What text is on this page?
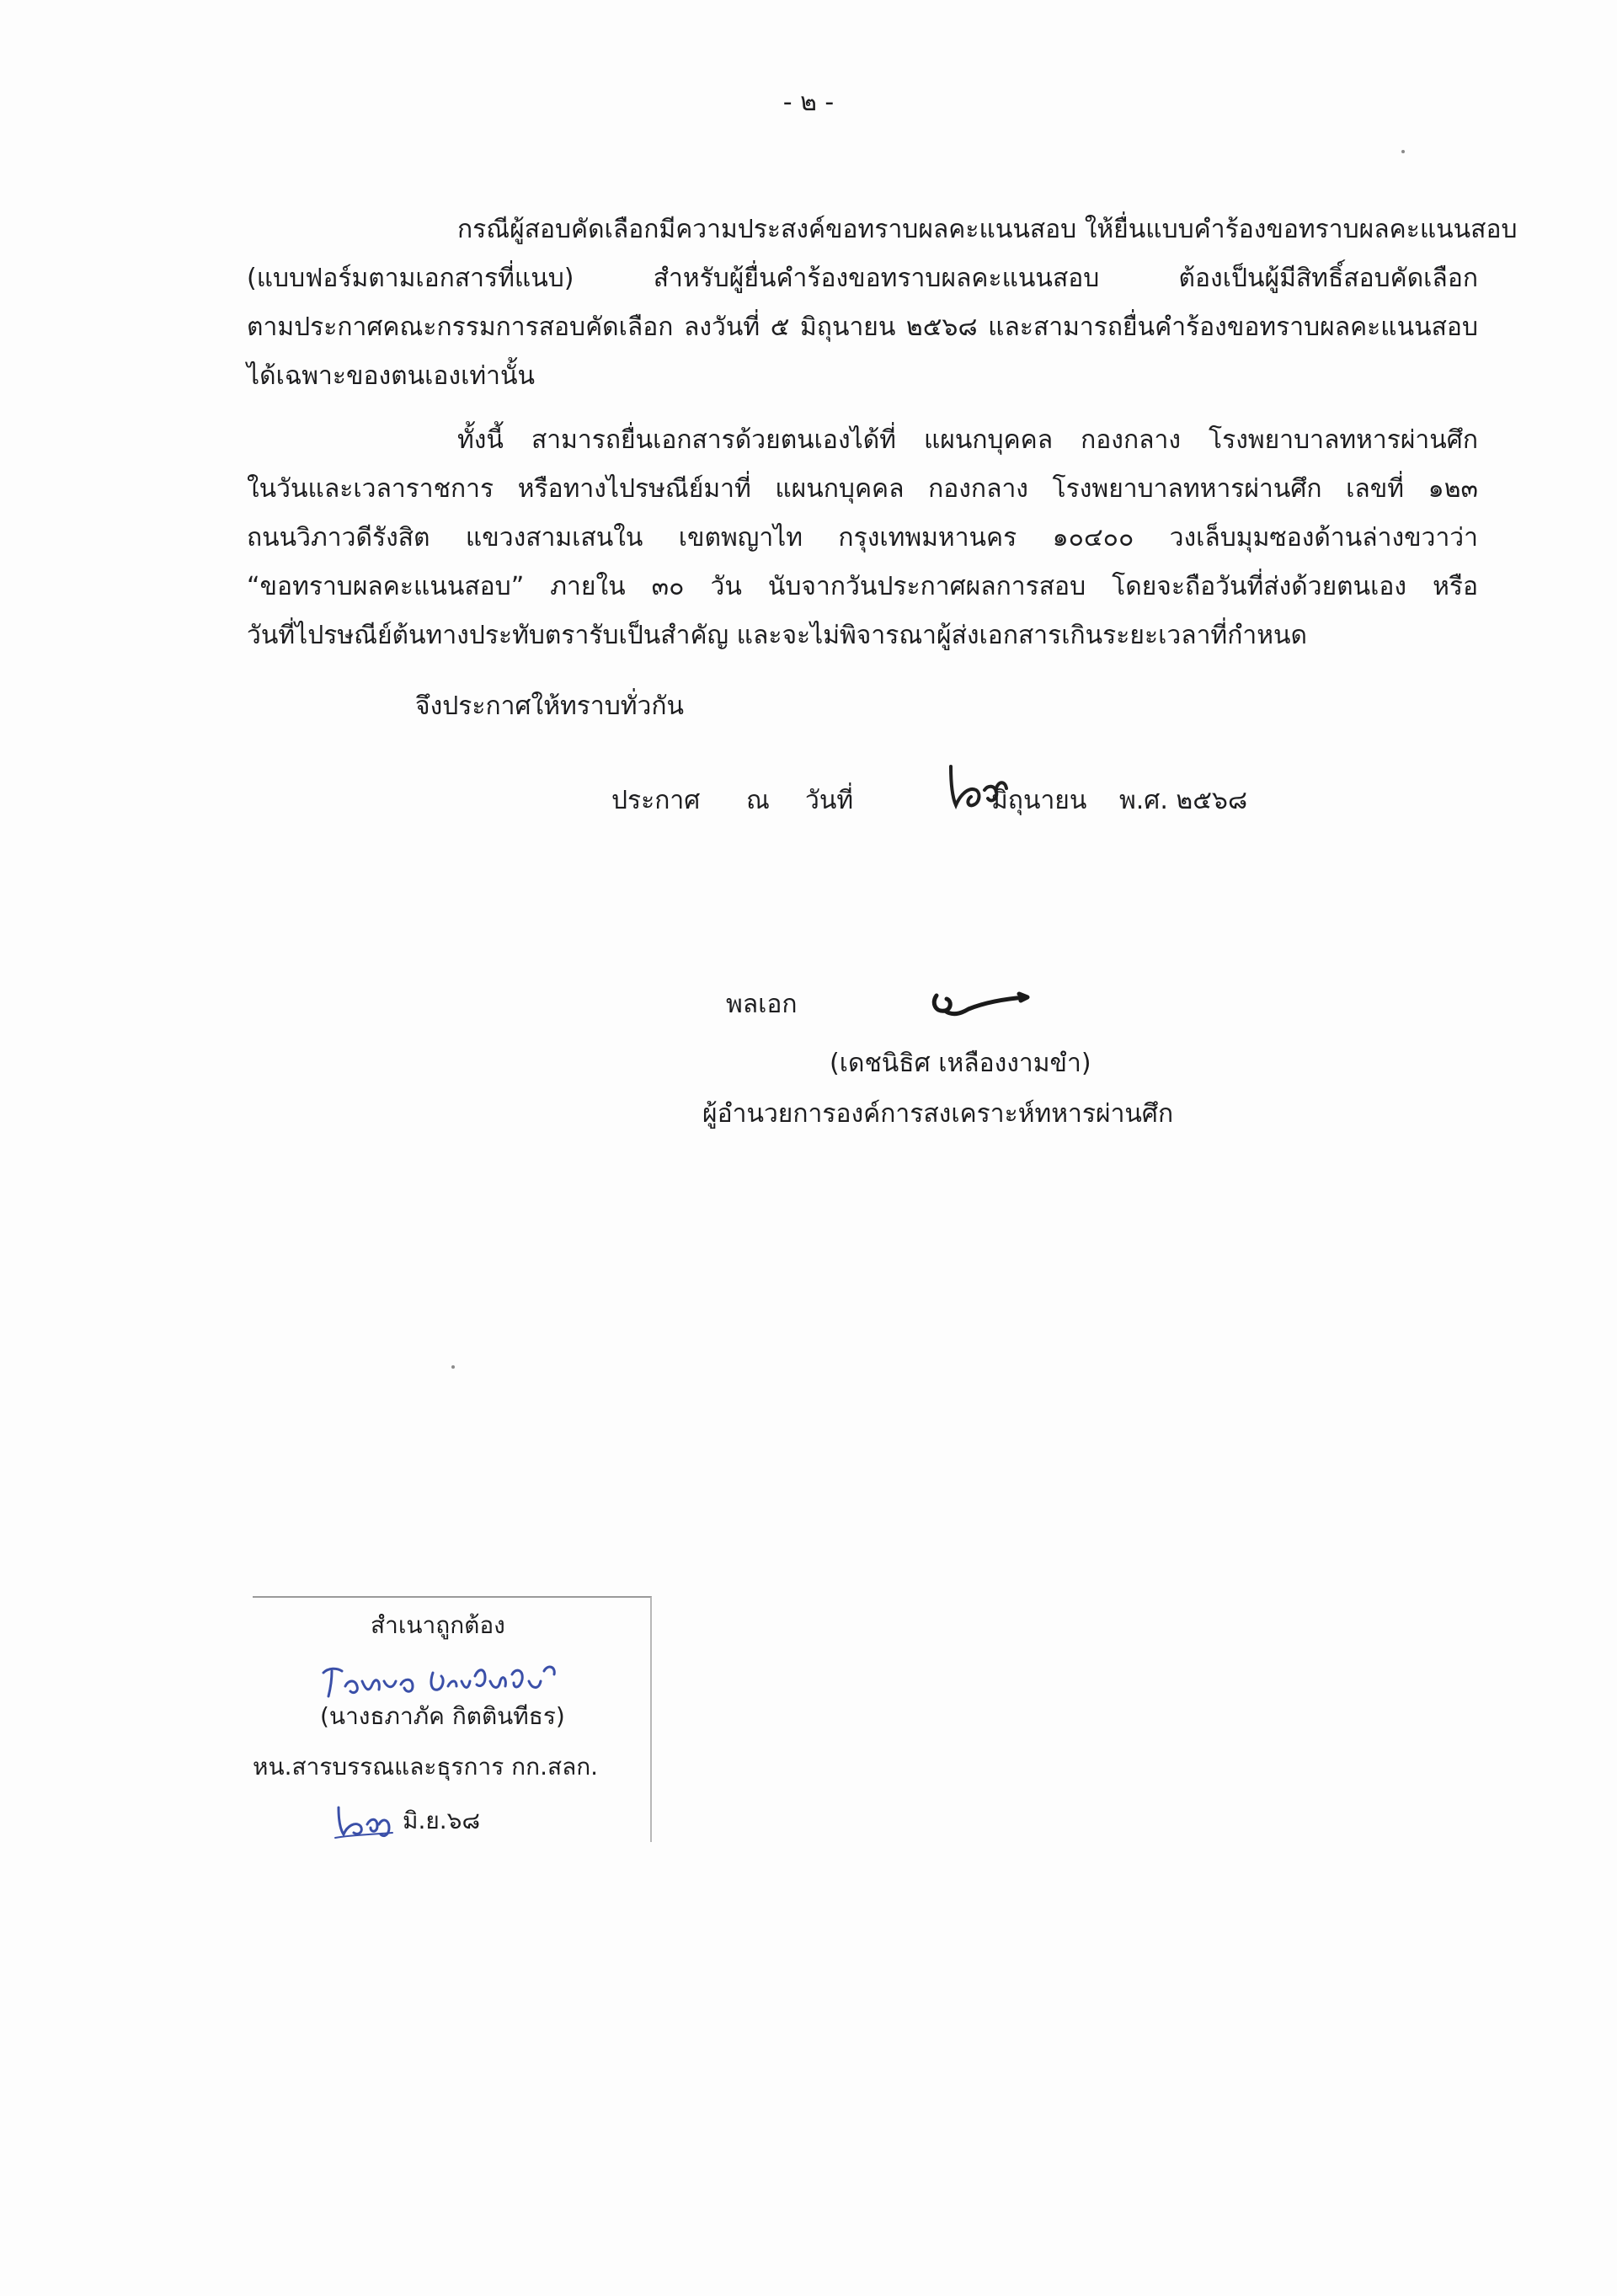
- ๒ -
กรณีผู้สอบคัดเลือกมีความประสงค์ขอทราบผลคะแนนสอบ ให้ยื่นแบบคำร้องขอทราบผลคะแนนสอบ
(แบบฟอร์มตามเอกสารที่แนบ) สำหรับผู้ยื่นคำร้องขอทราบผลคะแนนสอบ ต้องเป็นผู้มีสิทธิ์สอบคัดเลือก
ตามประกาศคณะกรรมการสอบคัดเลือก ลงวันที่ ๕ มิถุนายน ๒๕๖๘ และสามารถยื่นคำร้องขอทราบผลคะแนนสอบ
ได้เฉพาะของตนเองเท่านั้น
ทั้งนี้ สามารถยื่นเอกสารด้วยตนเองได้ที่ แผนกบุคคล กองกลาง โรงพยาบาลทหารผ่านศึก
ในวันและเวลาราชการ หรือทางไปรษณีย์มาที่ แผนกบุคคล กองกลาง โรงพยาบาลทหารผ่านศึก เลขที่ ๑๒๓
ถนนวิภาวดีรังสิต แขวงสามเสนใน เขตพญาไท กรุงเทพมหานคร ๑๐๔๐๐ วงเล็บมุมซองด้านล่างขวาว่า
“ขอทราบผลคะแนนสอบ” ภายใน ๓๐ วัน นับจากวันประกาศผลการสอบ โดยจะถือวันที่ส่งด้วยตนเอง หรือ
วันที่ไปรษณีย์ต้นทางประทับตรารับเป็นสำคัญ และจะไม่พิจารณาผู้ส่งเอกสารเกินระยะเวลาที่กำหนด
จึงประกาศให้ทราบทั่วกัน
ประกาศ ณ วันที่	มิถุนายน พ.ศ. ๒๕๖๘
พลเอก
(เดชนิธิศ เหลืองงามขำ)
ผู้อำนวยการองค์การสงเคราะห์ทหารผ่านศึก
สำเนาถูกต้อง
(นางธภาภัค กิตตินทีธร)
หน.สารบรรณและธุรการ กก.สลก.
มิ.ย.๖๘
